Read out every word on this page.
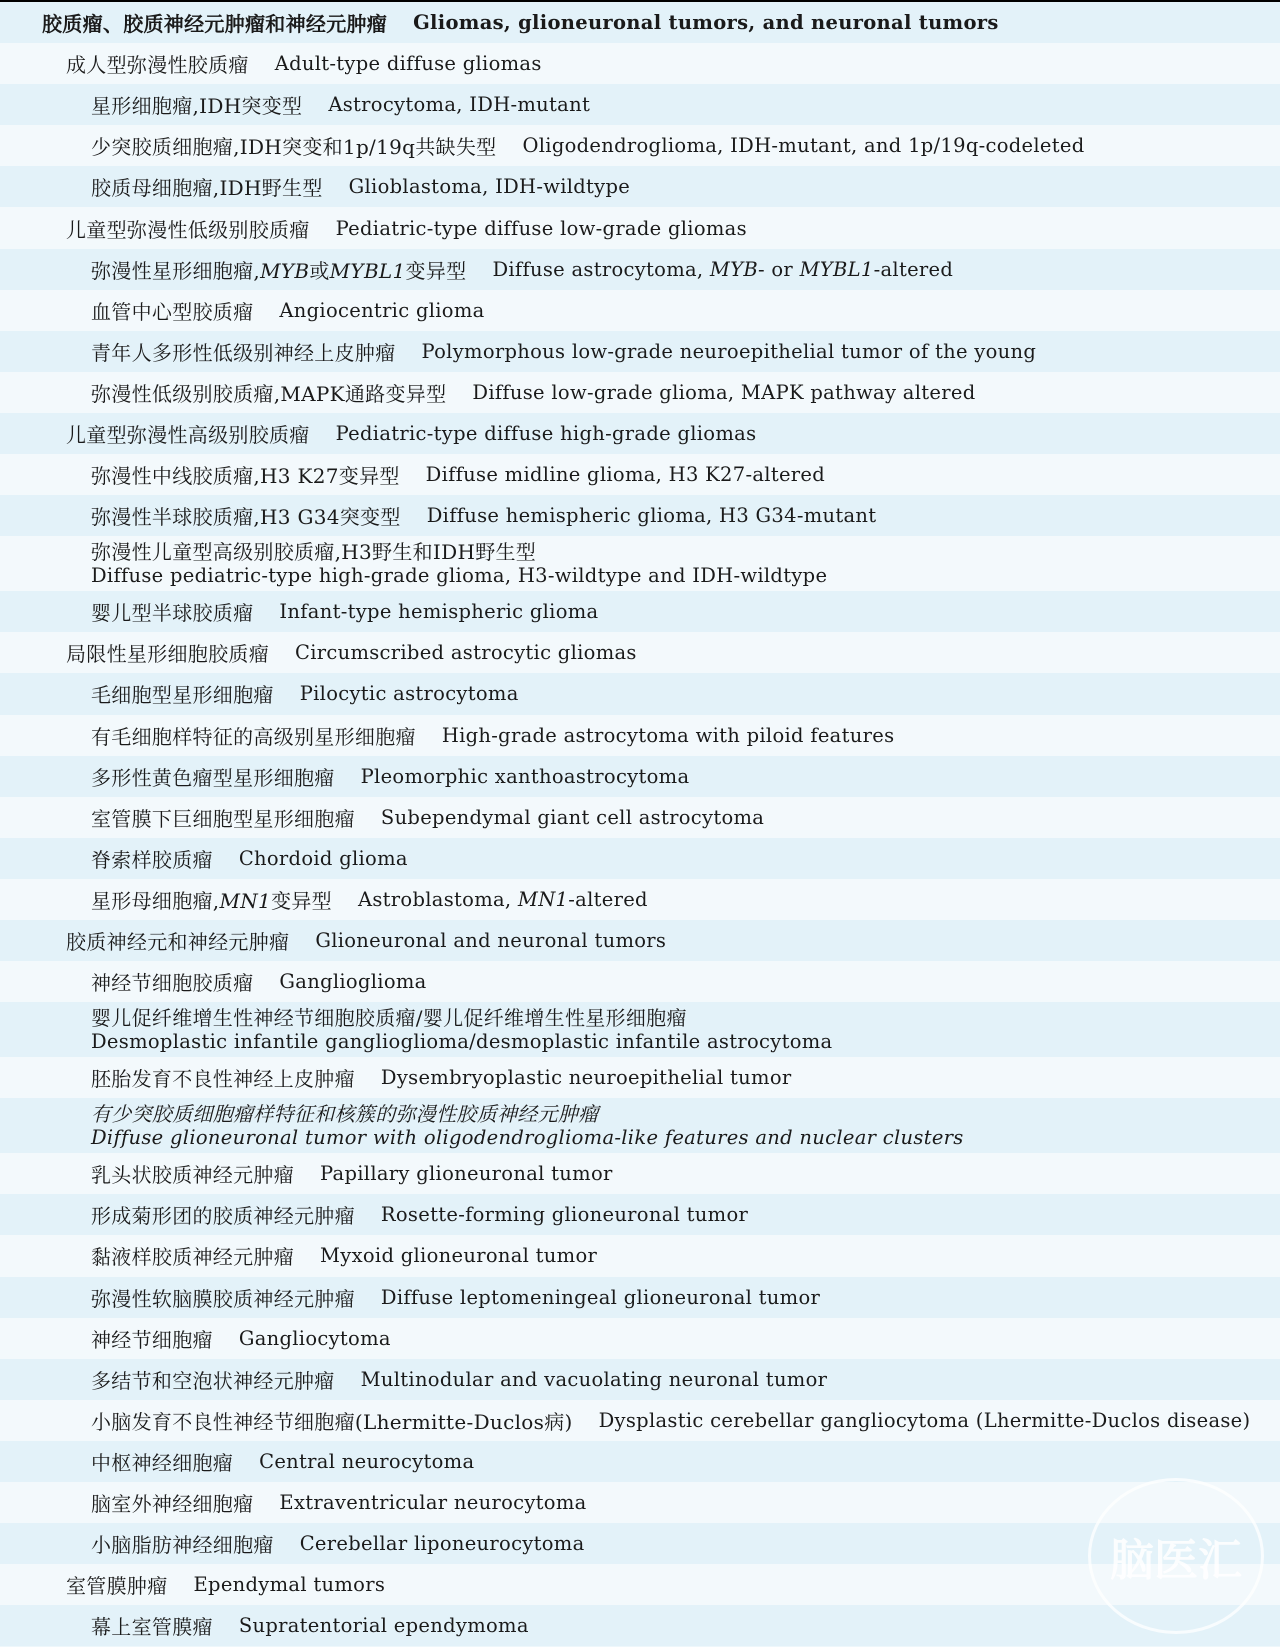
胶质瘤、胶质神经元肿瘤和神经元肿瘤 Gliomas, glioneuronal tumors, and neuronal tumors
成人型弥漫性胶质瘤 Adult-type diffuse gliomas
星形细胞瘤,IDH突变型 Astrocytoma, IDH-mutant
少突胶质细胞瘤,IDH突变和1p/19q共缺失型 Oligodendroglioma, IDH-mutant, and 1p/19q-codeleted
胶质母细胞瘤,IDH野生型 Glioblastoma, IDH-wildtype
儿童型弥漫性低级别胶质瘤 Pediatric-type diffuse low-grade gliomas
弥漫性星形细胞瘤,MYB或MYBL1变异型 Diffuse astrocytoma, MYB- or MYBL1-altered
血管中心型胶质瘤 Angiocentric glioma
青年人多形性低级别神经上皮肿瘤 Polymorphous low-grade neuroepithelial tumor of the young
弥漫性低级别胶质瘤,MAPK通路变异型 Diffuse low-grade glioma, MAPK pathway altered
儿童型弥漫性高级别胶质瘤 Pediatric-type diffuse high-grade gliomas
弥漫性中线胶质瘤,H3 K27变异型 Diffuse midline glioma, H3 K27-altered
弥漫性半球胶质瘤,H3 G34突变型 Diffuse hemispheric glioma, H3 G34-mutant
弥漫性儿童型高级别胶质瘤,H3野生和IDH野生型
Diffuse pediatric-type high-grade glioma, H3-wildtype and IDH-wildtype
婴儿型半球胶质瘤 Infant-type hemispheric glioma
局限性星形细胞胶质瘤 Circumscribed astrocytic gliomas
毛细胞型星形细胞瘤 Pilocytic astrocytoma
有毛细胞样特征的高级别星形细胞瘤 High-grade astrocytoma with piloid features
多形性黄色瘤型星形细胞瘤 Pleomorphic xanthoastrocytoma
室管膜下巨细胞型星形细胞瘤 Subependymal giant cell astrocytoma
脊索样胶质瘤 Chordoid glioma
星形母细胞瘤,MN1变异型 Astroblastoma, MN1-altered
胶质神经元和神经元肿瘤 Glioneuronal and neuronal tumors
神经节细胞胶质瘤 Ganglioglioma
婴儿促纤维增生性神经节细胞胶质瘤/婴儿促纤维增生性星形细胞瘤
Desmoplastic infantile ganglioglioma/desmoplastic infantile astrocytoma
胚胎发育不良性神经上皮肿瘤 Dysembryoplastic neuroepithelial tumor
有少突胶质细胞瘤样特征和核簇的弥漫性胶质神经元肿瘤
Diffuse glioneuronal tumor with oligodendroglioma-like features and nuclear clusters
乳头状胶质神经元肿瘤 Papillary glioneuronal tumor
形成菊形团的胶质神经元肿瘤 Rosette-forming glioneuronal tumor
黏液样胶质神经元肿瘤 Myxoid glioneuronal tumor
弥漫性软脑膜胶质神经元肿瘤 Diffuse leptomeningeal glioneuronal tumor
神经节细胞瘤 Gangliocytoma
多结节和空泡状神经元肿瘤 Multinodular and vacuolating neuronal tumor
小脑发育不良性神经节细胞瘤(Lhermitte-Duclos病) Dysplastic cerebellar gangliocytoma (Lhermitte-Duclos disease)
中枢神经细胞瘤 Central neurocytoma
脑室外神经细胞瘤 Extraventricular neurocytoma
小脑脂肪神经细胞瘤 Cerebellar liponeurocytoma
室管膜肿瘤 Ependymal tumors
幕上室管膜瘤 Supratentorial ependymoma
脑医汇
